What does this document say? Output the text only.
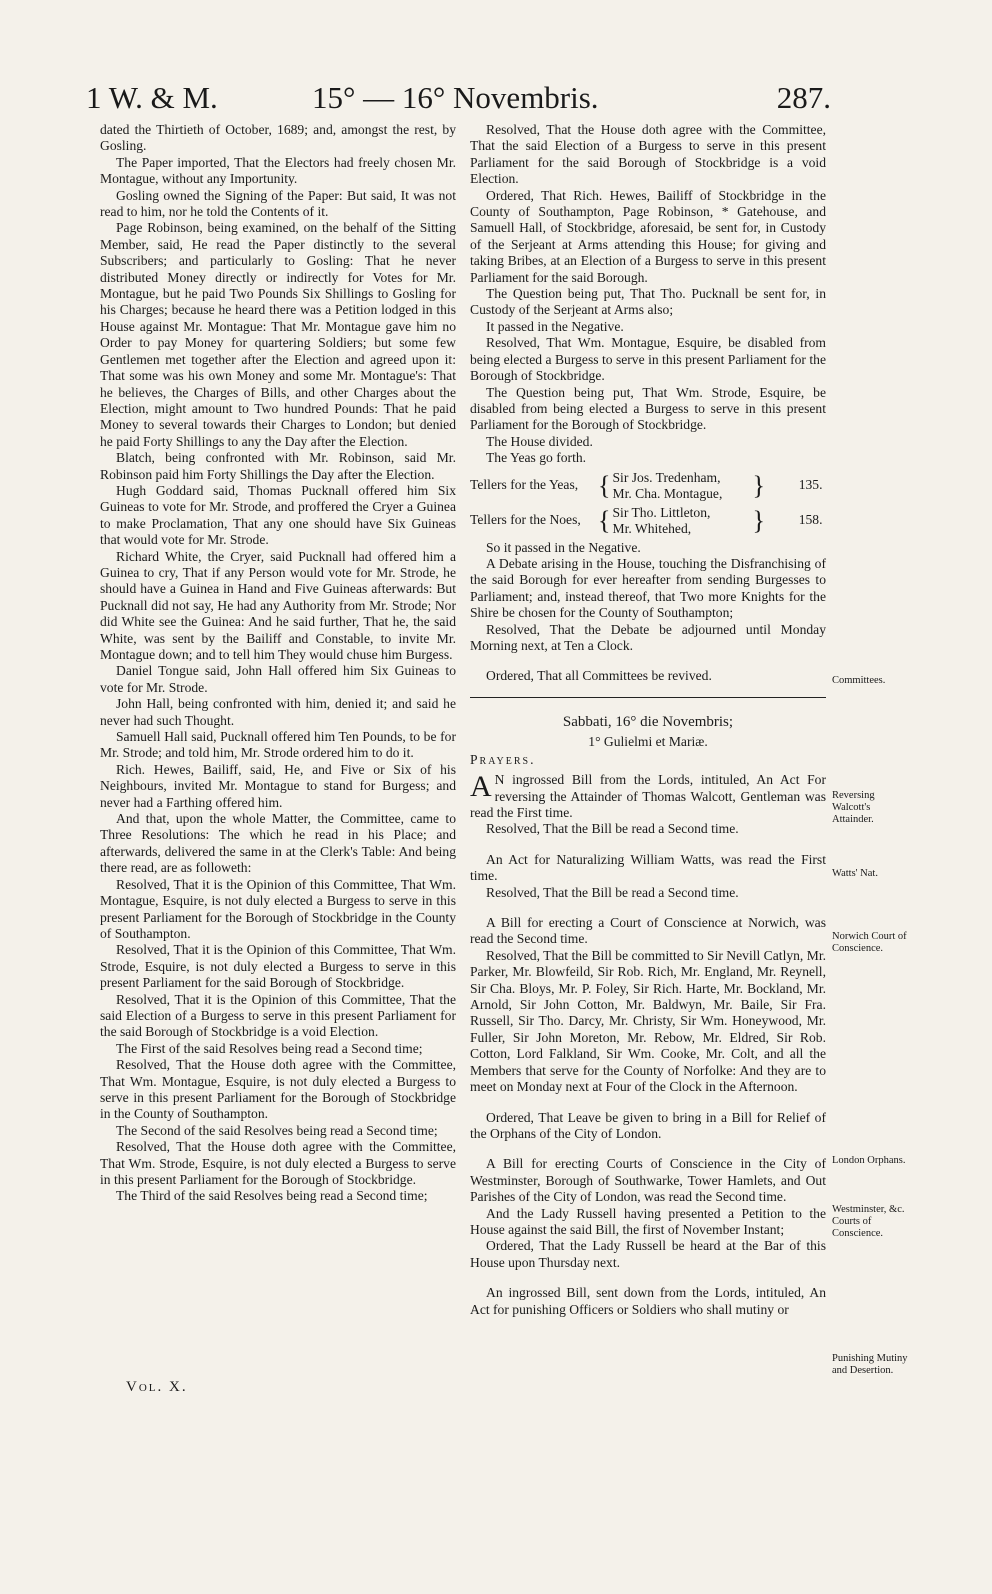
1 W. & M.	15° — 16° Novembris.	287.

dated the Thirtieth of October, 1689; and, amongst the rest, by Gosling.

The Paper imported, That the Electors had freely chosen Mr. Montague, without any Importunity.

Gosling owned the Signing of the Paper: But said, It was not read to him, nor he told the Contents of it.

Page Robinson, being examined, on the behalf of the Sitting Member, said, He read the Paper distinctly to the several Subscribers; and particularly to Gosling: That he never distributed Money directly or indirectly for Votes for Mr. Montague, but he paid Two Pounds Six Shillings to Gosling for his Charges; because he heard there was a Petition lodged in this House against Mr. Montague: That Mr. Montague gave him no Order to pay Money for quartering Soldiers; but some few Gentlemen met together after the Election and agreed upon it: That some was his own Money and some Mr. Montague's: That he believes, the Charges of Bills, and other Charges about the Election, might amount to Two hundred Pounds: That he paid Money to several towards their Charges to London; but denied he paid Forty Shillings to any the Day after the Election.

Blatch, being confronted with Mr. Robinson, said Mr. Robinson paid him Forty Shillings the Day after the Election.

Hugh Goddard said, Thomas Pucknall offered him Six Guineas to vote for Mr. Strode, and proffered the Cryer a Guinea to make Proclamation, That any one should have Six Guineas that would vote for Mr. Strode.

Richard White, the Cryer, said Pucknall had offered him a Guinea to cry, That if any Person would vote for Mr. Strode, he should have a Guinea in Hand and Five Guineas afterwards: But Pucknall did not say, He had any Authority from Mr. Strode; Nor did White see the Guinea: And he said further, That he, the said White, was sent by the Bailiff and Constable, to invite Mr. Montague down; and to tell him They would chuse him Burgess.

Daniel Tongue said, John Hall offered him Six Guineas to vote for Mr. Strode.

John Hall, being confronted with him, denied it; and said he never had such Thought.

Samuell Hall said, Pucknall offered him Ten Pounds, to be for Mr. Strode; and told him, Mr. Strode ordered him to do it.

Rich. Hewes, Bailiff, said, He, and Five or Six of his Neighbours, invited Mr. Montague to stand for Burgess; and never had a Farthing offered him.

And that, upon the whole Matter, the Committee, came to Three Resolutions: The which he read in his Place; and afterwards, delivered the same in at the Clerk's Table: And being there read, are as followeth:

Resolved, That it is the Opinion of this Committee, That Wm. Montague, Esquire, is not duly elected a Burgess to serve in this present Parliament for the Borough of Stockbridge in the County of Southampton.

Resolved, That it is the Opinion of this Committee, That Wm. Strode, Esquire, is not duly elected a Burgess to serve in this present Parliament for the said Borough of Stockbridge.

Resolved, That it is the Opinion of this Committee, That the said Election of a Burgess to serve in this present Parliament for the said Borough of Stockbridge is a void Election.

The First of the said Resolves being read a Second time;

Resolved, That the House doth agree with the Committee, That Wm. Montague, Esquire, is not duly elected a Burgess to serve in this present Parliament for the Borough of Stockbridge in the County of Southampton.

The Second of the said Resolves being read a Second time;

Resolved, That the House doth agree with the Committee, That Wm. Strode, Esquire, is not duly elected a Burgess to serve in this present Parliament for the Borough of Stockbridge.

The Third of the said Resolves being read a Second time;

Resolved, That the House doth agree with the Committee, That the said Election of a Burgess to serve in this present Parliament for the said Borough of Stockbridge is a void Election.

Ordered, That Rich. Hewes, Bailiff of Stockbridge in the County of Southampton, Page Robinson, * Gatehouse, and Samuell Hall, of Stockbridge, aforesaid, be sent for, in Custody of the Serjeant at Arms attending this House; for giving and taking Bribes, at an Election of a Burgess to serve in this present Parliament for the said Borough.

The Question being put, That Tho. Pucknall be sent for, in Custody of the Serjeant at Arms also;

It passed in the Negative.

Resolved, That Wm. Montague, Esquire, be disabled from being elected a Burgess to serve in this present Parliament for the Borough of Stockbridge.

The Question being put, That Wm. Strode, Esquire, be disabled from being elected a Burgess to serve in this present Parliament for the Borough of Stockbridge.

The House divided.

The Yeas go forth.

Tellers for the Yeas, { Sir Jos. Tredenham,
Mr. Cha. Montague,	}	135.
Tellers for the Noes, { Sir Tho. Littleton,
Mr. Whitehed,	}	158.

So it passed in the Negative.

A Debate arising in the House, touching the Disfranchising of the said Borough for ever hereafter from sending Burgesses to Parliament; and, instead thereof, that Two more Knights for the Shire be chosen for the County of Southampton;

Resolved, That the Debate be adjourned until Monday Morning next, at Ten a Clock.

Ordered, That all Committees be revived.

Sabbati, 16° die Novembris;
1° Gulielmi et Mariæ.

Prayers.

A N ingrossed Bill from the Lords, intituled, An Act For reversing the Attainder of Thomas Walcott, Gentleman was read the First time.

Resolved, That the Bill be read a Second time.

An Act for Naturalizing William Watts, was read the First time.

Resolved, That the Bill be read a Second time.

A Bill for erecting a Court of Conscience at Norwich, was read the Second time.

Resolved, That the Bill be committed to Sir Nevill Catlyn, Mr. Parker, Mr. Blowfeild, Sir Rob. Rich, Mr. England, Mr. Reynell, Sir Cha. Bloys, Mr. P. Foley, Sir Rich. Harte, Mr. Bockland, Mr. Arnold, Sir John Cotton, Mr. Baldwyn, Mr. Baile, Sir Fra. Russell, Sir Tho. Darcy, Mr. Christy, Sir Wm. Honeywood, Mr. Fuller, Sir John Moreton, Mr. Rebow, Mr. Eldred, Sir Rob. Cotton, Lord Falkland, Sir Wm. Cooke, Mr. Colt, and all the Members that serve for the County of Norfolke: And they are to meet on Monday next at Four of the Clock in the Afternoon.

Ordered, That Leave be given to bring in a Bill for Relief of the Orphans of the City of London.

A Bill for erecting Courts of Conscience in the City of Westminster, Borough of Southwarke, Tower Hamlets, and Out Parishes of the City of London, was read the Second time.

And the Lady Russell having presented a Petition to the House against the said Bill, the first of November Instant;

Ordered, That the Lady Russell be heard at the Bar of this House upon Thursday next.

An ingrossed Bill, sent down from the Lords, intituled, An Act for punishing Officers or Soldiers who shall mutiny or

Committees.
Reversing Walcott's Attainder.
Watts' Nat.
Norwich Court of Conscience.
London Orphans.
Westminster, &c. Courts of Conscience.
Punishing Mutiny and Desertion.
Vol. X.
